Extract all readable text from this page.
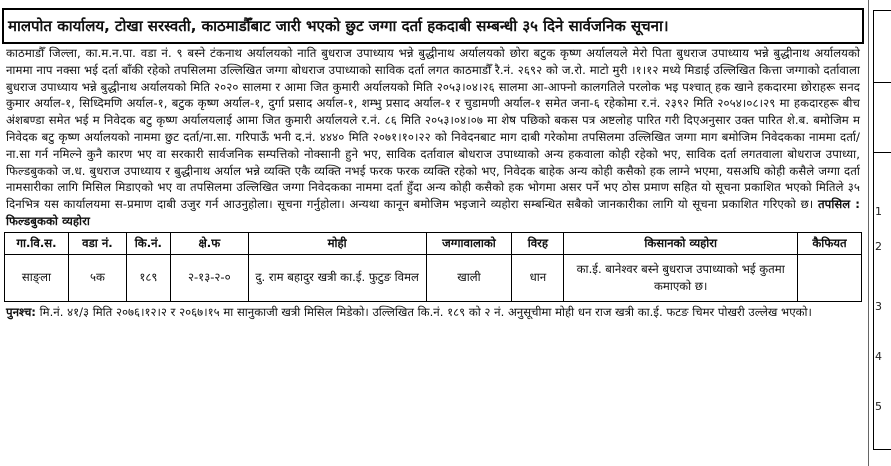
मालपोत कार्यालय, टोखा सरस्वती, काठमाडौँबाट जारी भएको छुट जग्गा दर्ता हकदाबी सम्बन्धी ३५ दिने सार्वजनिक सूचना।
काठमाडौँ जिल्ला, का.म.न.पा. वडा नं. ९ बस्ने टंकनाथ अर्यालयको नाति बुधराज उपाध्याय भन्ने बुद्धीनाथ अर्यालयको छोरा बटुक कृष्ण अर्यालयले मेरो पिता बुधराज उपाध्याय भन्ने बुद्धीनाथ अर्यालयको नाममा नाप नक्सा भई दर्ता बाँकी रहेको तपसिलमा उल्लिखित जग्गा बोधराज उपाध्याको साविक दर्ता लगत काठमाडौँ रै.नं. २६९२ को ज.रो. माटो मुरी ।१।१२ मध्ये मिडाई उल्लिखित कित्ता जग्गाको दर्तावाला बुधराज उपाध्याय भन्ने बुद्धीनाथ अर्यालयको मिति २०२० सालमा र आमा जित कुमारी अर्यालयको मिति २०५३।०४।२६ सालमा आ-आफ्नो कालगतिले परलोक भइ पश्चात् हक खाने हकदारमा छोराहरू सनद कुमार अर्याल-१, सिध्दिमणि अर्याल-१, बटुक कृष्ण अर्याल-१, दुर्गा प्रसाद अर्याल-१, शम्भु प्रसाद अर्याल-१ र चुडामणी अर्याल-१ समेत जना-६ रहेकोमा र.नं. २३९२ मिति २०५४।०८।२९ मा हकदारहरू बीच अंशबण्डा समेत भई म निवेदक बटु कृष्ण अर्यालयलाई आमा जित कुमारी अर्यालयले र.नं. ८६ मिति २०५३।०४।०७ मा शेष पछिको बकस पत्र अष्टलोह पारित गरी दिएअनुसार उक्त पारित शे.ब. बमोजिम म निवेदक बटु कृष्ण अर्यालयको नाममा छुट दर्ता/ना.सा. गरिपाऊँ भनी द.नं. ४४४० मिति २०७१।१०।२२ को निवेदनबाट माग दाबी गरेकोमा तपसिलमा उल्लिखित जग्गा माग बमोजिम निवेदकका नाममा दर्ता/ना.सा गर्न नमिल्ने कुनै कारण भए वा सरकारी सार्वजनिक सम्पत्तिको नोक्सानी हुने भए, साविक दर्तावाल बोधराज उपाध्याको अन्य हकवाला कोही रहेको भए, साविक दर्ता लगतवाला बोधराज उपाध्या, फिल्डबुकको ज.ध. बुधराज उपाध्याय र बुद्धीनाथ अर्याल भन्ने व्यक्ति एकै व्यक्ति नभई फरक फरक व्यक्ति रहेको भए, निवेदक बाहेक अन्य कोही कसैको हक लाग्ने भएमा, यसअघि कोही कसैले जग्गा दर्ता नामसारीका लागि मिसिल मिडाएको भए वा तपसिलमा उल्लिखित जग्गा निवेदकका नाममा दर्ता हुँदा अन्य कोही कसैको हक भोगमा असर पर्ने भए ठोस प्रमाण सहित यो सूचना प्रकाशित भएको मितिले ३५ दिनभित्र यस कार्यालयमा स-प्रमाण दाबी उजुर गर्न आउनुहोला। सूचना गर्नुहोला। अन्यथा कानून बमोजिम भइजाने व्यहोरा सम्बन्धित सबैको जानकारीका लागि यो सूचना प्रकाशित गरिएको छ। तपसिल : फिल्डबुकको व्यहोरा
गा.वि.स.	वडा नं.	कि.नं.	क्षे.फ	मोही	जग्गावालाको	विरह	किसानको व्यहोरा	कैफियत
साङ्ला	५क	१८९	२-१३-२-०	दु. राम बहादुर खत्री का.ई. फुटुङ विमल	खाली	धान	का.ई. बानेश्वर बस्ने बुधराज उपाध्याको भई कुतमा कमाएको छ।	
पुनश्च: मि.नं. ४१/३ मिति २०७६।१२।२ र २०६७।१५ मा सानुकाजी खत्री मिसिल मिडेको। उल्लिखित कि.नं. १८९ को २ नं. अनुसूचीमा मोही धन राज खत्री का.ई. फटङ चिमर पोखरी उल्लेख भएको।
1
2
3
4
5
